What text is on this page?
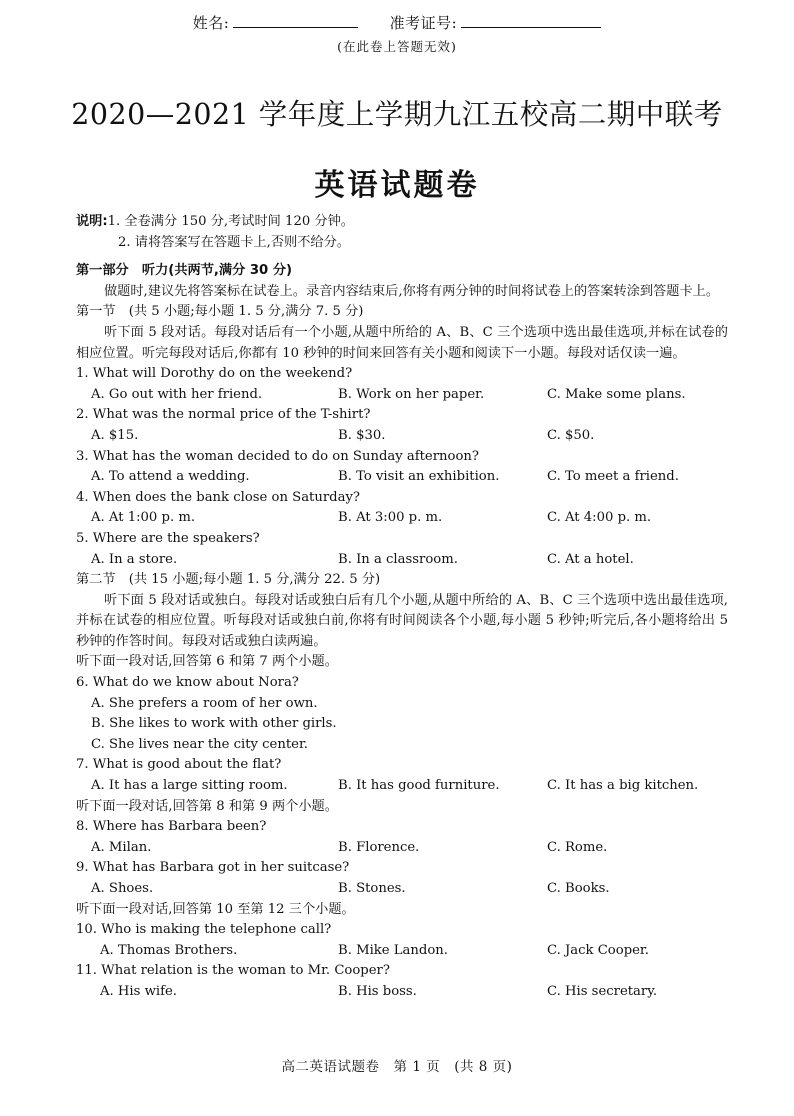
姓名:	准考证号:
(在此卷上答题无效)
2020—2021 学年度上学期九江五校高二期中联考
英语试题卷
说明:1. 全卷满分 150 分,考试时间 120 分钟。
2. 请将答案写在答题卡上,否则不给分。
第一部分　听力(共两节,满分 30 分)
做题时,建议先将答案标在试卷上。录音内容结束后,你将有两分钟的时间将试卷上的答案转涂到答题卡上。
第一节　(共 5 小题;每小题 1. 5 分,满分 7. 5 分)
听下面 5 段对话。每段对话后有一个小题,从题中所给的 A、B、C 三个选项中选出最佳选项,并标在试卷的相应位置。听完每段对话后,你都有 10 秒钟的时间来回答有关小题和阅读下一小题。每段对话仅读一遍。
1. What will Dorothy do on the weekend?
A. Go out with her friend.	B. Work on her paper.	C. Make some plans.
2. What was the normal price of the T-shirt?
A. $15.	B. $30.	C. $50.
3. What has the woman decided to do on Sunday afternoon?
A. To attend a wedding.	B. To visit an exhibition.	C. To meet a friend.
4. When does the bank close on Saturday?
A. At 1:00 p. m.	B. At 3:00 p. m.	C. At 4:00 p. m.
5. Where are the speakers?
A. In a store.	B. In a classroom.	C. At a hotel.
第二节　(共 15 小题;每小题 1. 5 分,满分 22. 5 分)
听下面 5 段对话或独白。每段对话或独白后有几个小题,从题中所给的 A、B、C 三个选项中选出最佳选项,并标在试卷的相应位置。听每段对话或独白前,你将有时间阅读各个小题,每小题 5 秒钟;听完后,各小题将给出 5 秒钟的作答时间。每段对话或独白读两遍。
听下面一段对话,回答第 6 和第 7 两个小题。
6. What do we know about Nora?
A. She prefers a room of her own.
B. She likes to work with other girls.
C. She lives near the city center.
7. What is good about the flat?
A. It has a large sitting room.	B. It has good furniture.	C. It has a big kitchen.
听下面一段对话,回答第 8 和第 9 两个小题。
8. Where has Barbara been?
A. Milan.	B. Florence.	C. Rome.
9. What has Barbara got in her suitcase?
A. Shoes.	B. Stones.	C. Books.
听下面一段对话,回答第 10 至第 12 三个小题。
10. Who is making the telephone call?
A. Thomas Brothers.	B. Mike Landon.	C. Jack Cooper.
11. What relation is the woman to Mr. Cooper?
A. His wife.	B. His boss.	C. His secretary.
高二英语试题卷　第 1 页　(共 8 页)
